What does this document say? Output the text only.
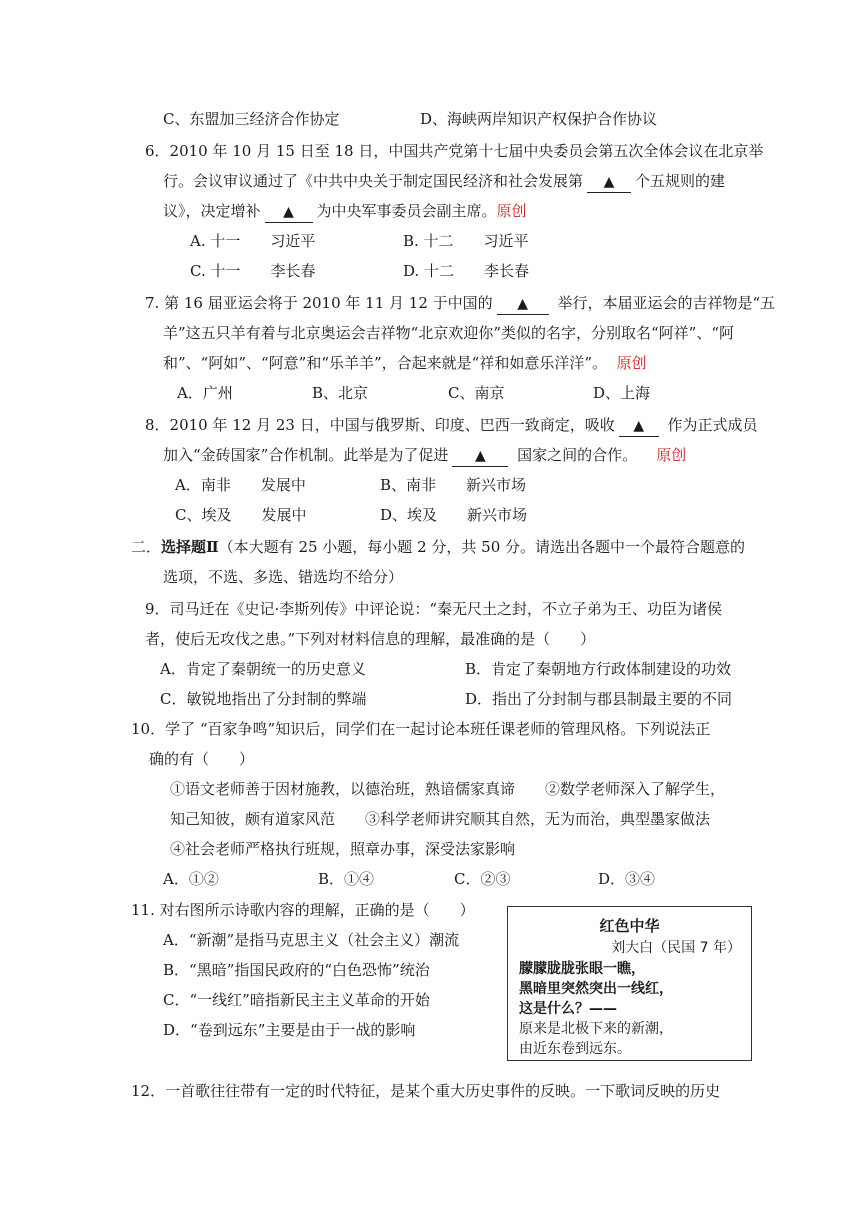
C、东盟加三经济合作协定	D、海峡两岸知识产权保护合作协议
6．2010 年 10 月 15 日至 18 日，中国共产党第十七届中央委员会第五次全体会议在北京举
行。会议审议通过了《中共中央关于制定国民经济和社会发展第 ▲ 个五规则的建
议》，决定增补 ▲ 为中央军事委员会副主席。原创
A. 十一　　习近平	B. 十二　　习近平
C. 十一　　李长春	D. 十二　　李长春
7. 第 16 届亚运会将于 2010 年 11 月 12 于中国的 ▲ 举行，本届亚运会的吉祥物是“五
羊”这五只羊有着与北京奥运会吉祥物“北京欢迎你”类似的名字，分别取名“阿祥”、“阿
和”、“阿如”、“阿意”和“乐羊羊”，合起来就是“祥和如意乐洋洋”。 原创
A．广州	B、北京	C、南京	D、上海
8．2010 年 12 月 23 日，中国与俄罗斯、印度、巴西一致商定，吸收 ▲ 作为正式成员
加入“金砖国家”合作机制。此举是为了促进 ▲ 国家之间的合作。 原创
A．南非　　发展中	B、南非　　新兴市场
C、埃及　　发展中	D、埃及　　新兴市场
二．选择题Ⅱ（本大题有 25 小题，每小题 2 分，共 50 分。请选出各题中一个最符合题意的
选项，不选、多选、错选均不给分）
9．司马迁在《史记·李斯列传》中评论说：“秦无尺土之封，不立子弟为王、功臣为诸侯
者，使后无攻伐之患。”下列对材料信息的理解，最准确的是（　　）
A．肯定了秦朝统一的历史意义	B．肯定了秦朝地方行政体制建设的功效
C．敏锐地指出了分封制的弊端	D．指出了分封制与郡县制最主要的不同
10．学了 “百家争鸣”知识后，同学们在一起讨论本班任课老师的管理风格。下列说法正
确的有（　　）
①语文老师善于因材施教，以德治班，熟谙儒家真谛　　②数学老师深入了解学生，
知己知彼，颇有道家风范　　③科学老师讲究顺其自然，无为而治，典型墨家做法
④社会老师严格执行班规，照章办事，深受法家影响
A．①②	B．①④	C．②③	D．③④
11. 对右图所示诗歌内容的理解，正确的是（　　）
A．“新潮”是指马克思主义（社会主义）潮流
B．“黑暗”指国民政府的“白色恐怖”统治
C．“一线红”暗指新民主主义革命的开始
D．“卷到远东”主要是由于一战的影响
红色中华
刘大白（民国 7 年）
朦朦胧胧张眼一瞧，
黑暗里突然突出一线红，
这是什么？——
原来是北极下来的新潮，
由近东卷到远东。
12．一首歌往往带有一定的时代特征，是某个重大历史事件的反映。一下歌词反映的历史
